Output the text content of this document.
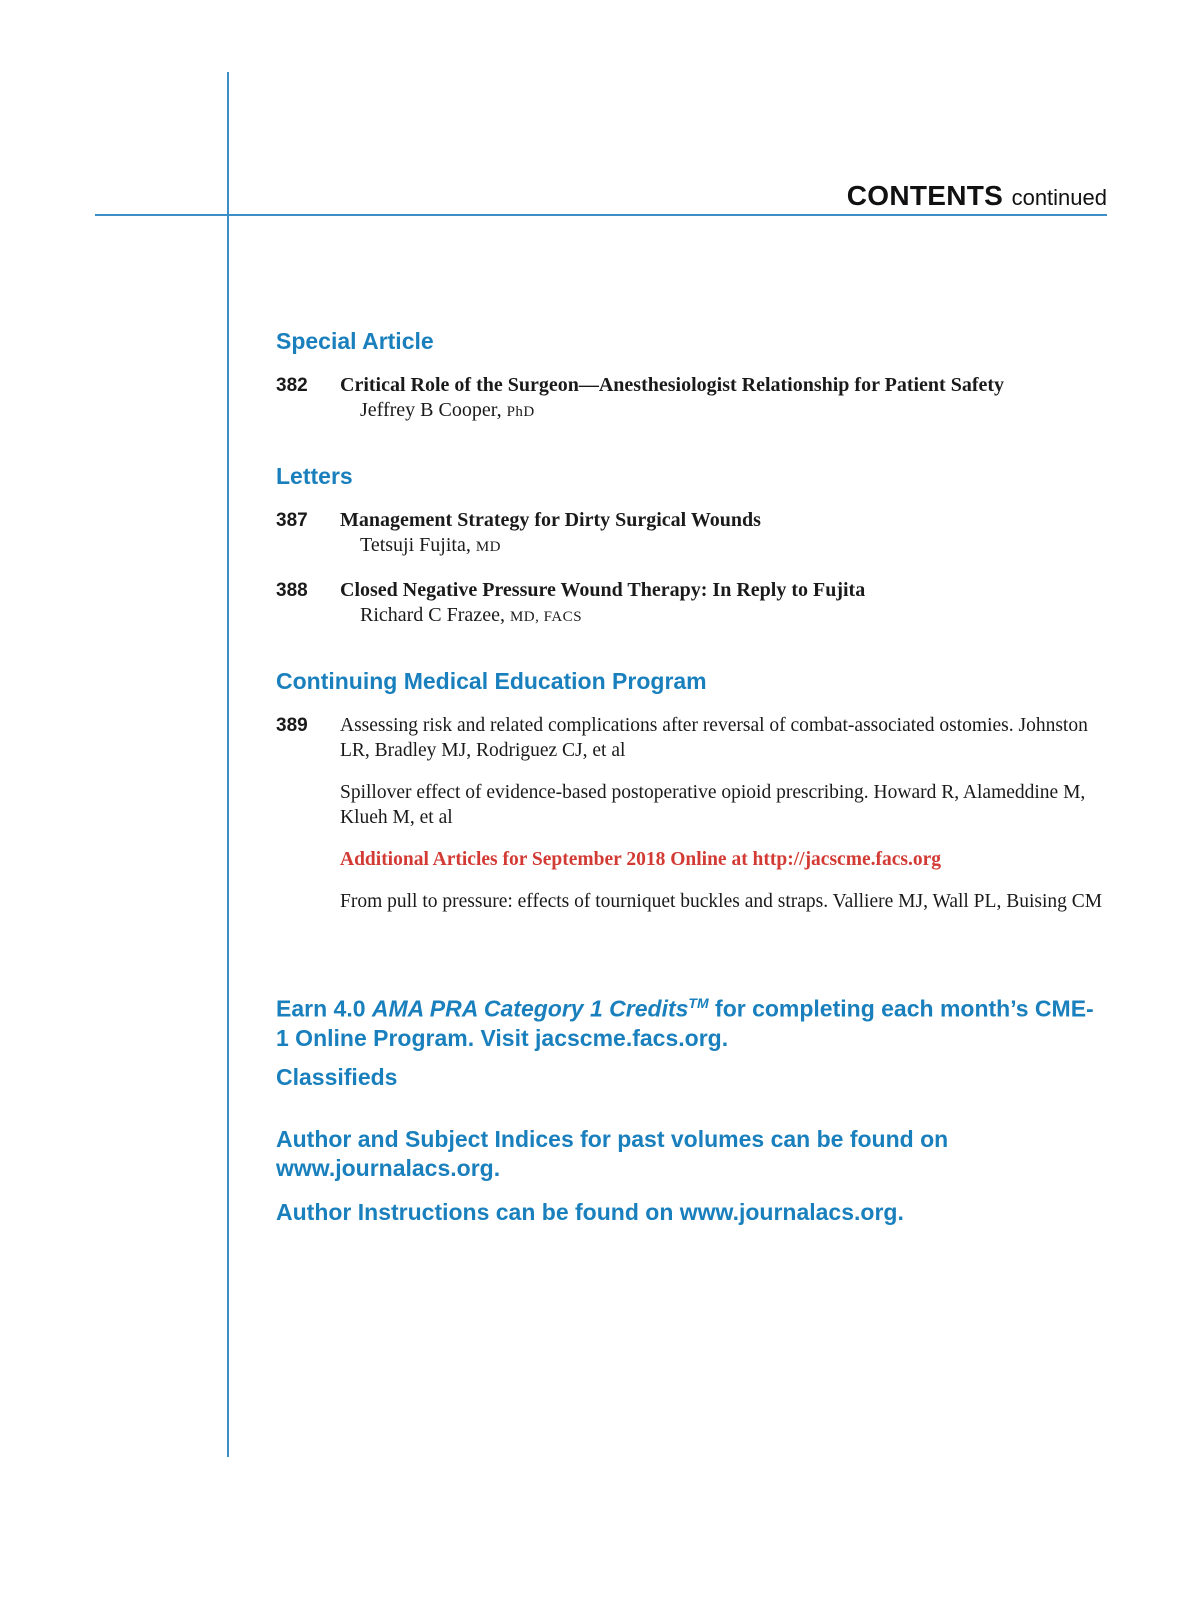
CONTENTS continued
Special Article
382	Critical Role of the Surgeon—Anesthesiologist Relationship for Patient Safety
Jeffrey B Cooper, PhD
Letters
387	Management Strategy for Dirty Surgical Wounds
Tetsuji Fujita, MD
388	Closed Negative Pressure Wound Therapy: In Reply to Fujita
Richard C Frazee, MD, FACS
Continuing Medical Education Program
389	Assessing risk and related complications after reversal of combat-associated ostomies. Johnston LR, Bradley MJ, Rodriguez CJ, et al
Spillover effect of evidence-based postoperative opioid prescribing. Howard R, Alameddine M, Klueh M, et al
Additional Articles for September 2018 Online at http://jacscme.facs.org
From pull to pressure: effects of tourniquet buckles and straps. Valliere MJ, Wall PL, Buising CM
Earn 4.0 AMA PRA Category 1 Credits™ for completing each month’s CME-1 Online Program. Visit jacscme.facs.org.
Classifieds
Author and Subject Indices for past volumes can be found on www.journalacs.org.
Author Instructions can be found on www.journalacs.org.
